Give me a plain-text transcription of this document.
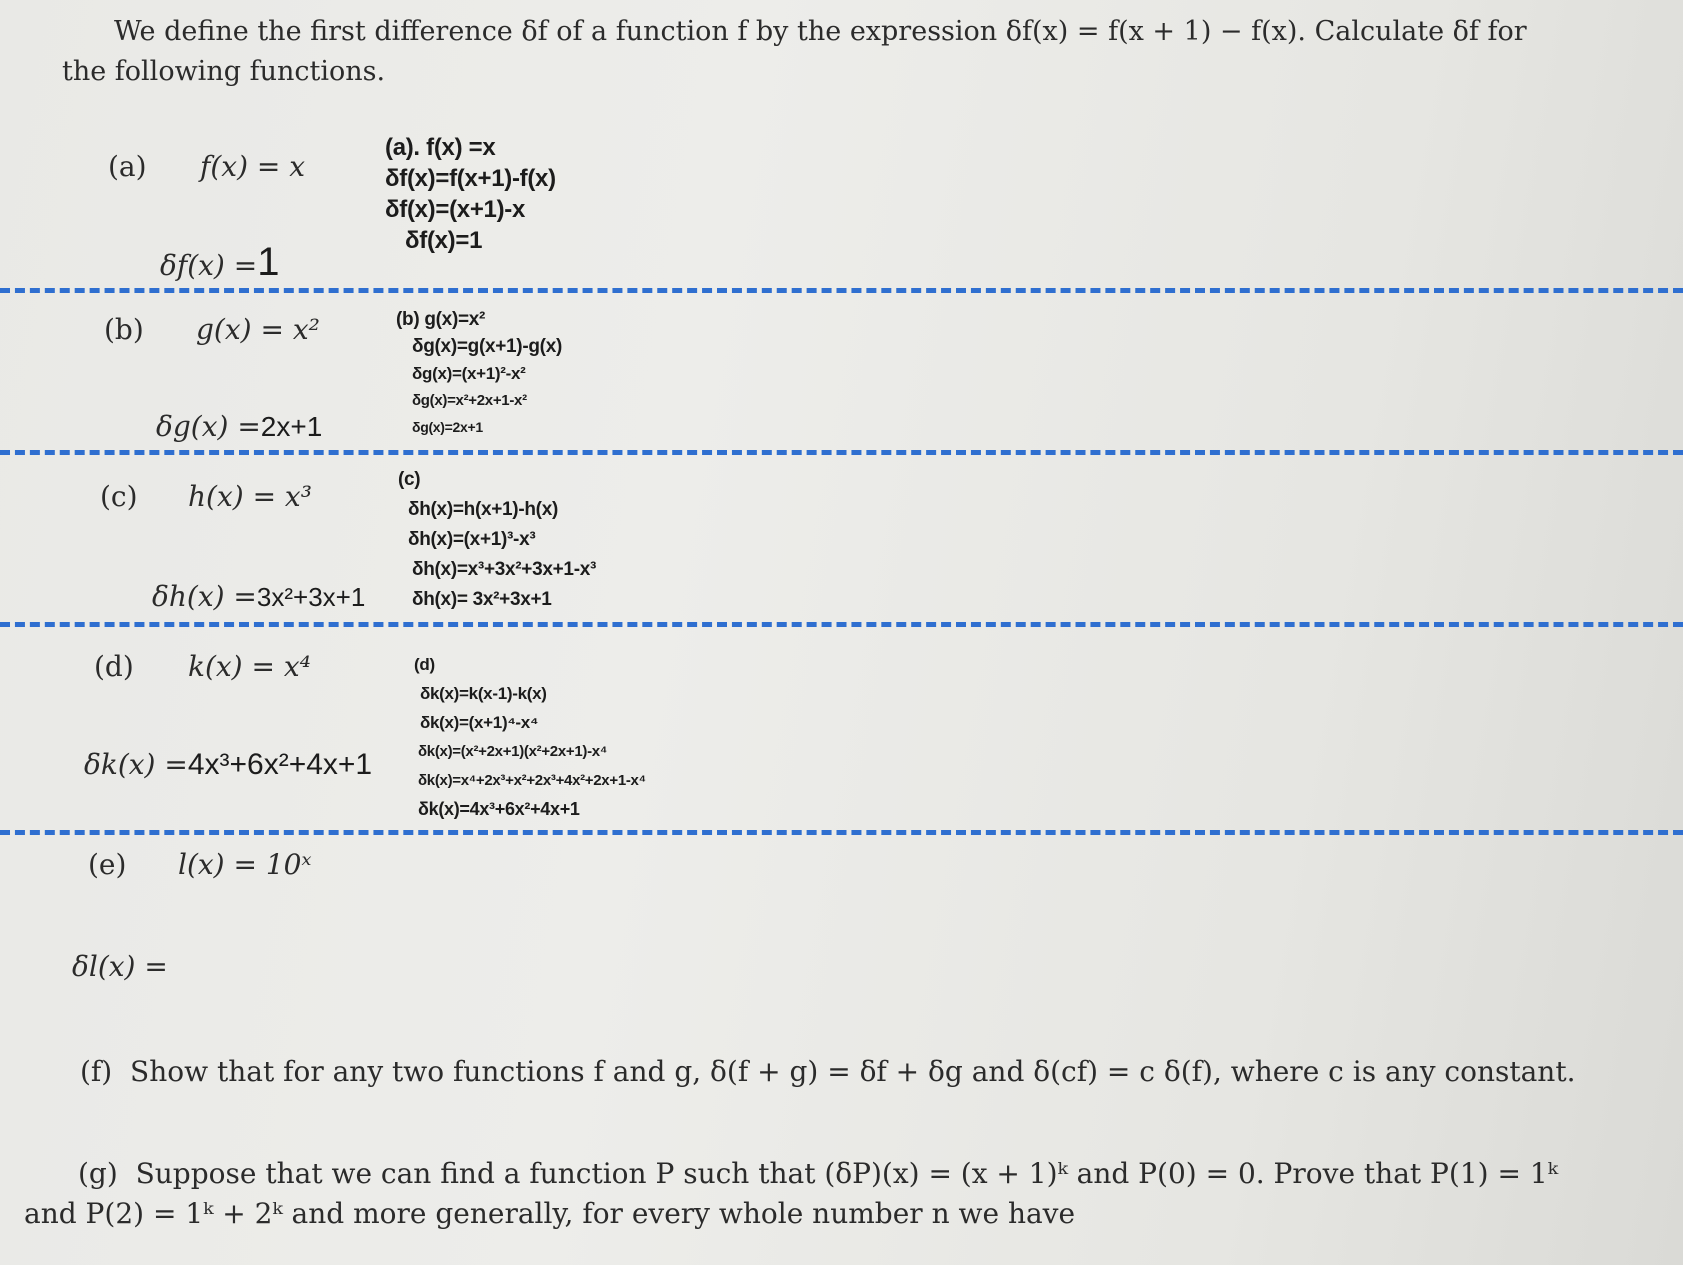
We define the first difference δf of a function f by the expression δf(x) = f(x + 1) − f(x). Calculate δf for
the following functions.
(a) f(x) = x
δf(x) =1
(a). f(x) =x
δf(x)=f(x+1)-f(x)
δf(x)=(x+1)-x
δf(x)=1
(b) g(x) = x²
δg(x) =2x+1
(b) g(x)=x²
δg(x)=g(x+1)-g(x)
δg(x)=(x+1)²-x²
δg(x)=x²+2x+1-x²
δg(x)=2x+1
(c) h(x) = x³
δh(x) =3x²+3x+1
(c)
δh(x)=h(x+1)-h(x)
δh(x)=(x+1)³-x³
δh(x)=x³+3x²+3x+1-x³
δh(x)= 3x²+3x+1
(d) k(x) = x⁴
δk(x) =4x³+6x²+4x+1
(d)
δk(x)=k(x-1)-k(x)
δk(x)=(x+1)⁴-x⁴
δk(x)=(x²+2x+1)(x²+2x+1)-x⁴
δk(x)=x⁴+2x³+x²+2x³+4x²+2x+1-x⁴
δk(x)=4x³+6x²+4x+1
(e) l(x) = 10ˣ
δl(x) =
(f) Show that for any two functions f and g, δ(f + g) = δf + δg and δ(cf) = c δ(f), where c is any constant.
(g) Suppose that we can find a function P such that (δP)(x) = (x + 1)ᵏ and P(0) = 0. Prove that P(1) = 1ᵏ
and P(2) = 1ᵏ + 2ᵏ and more generally, for every whole number n we have
